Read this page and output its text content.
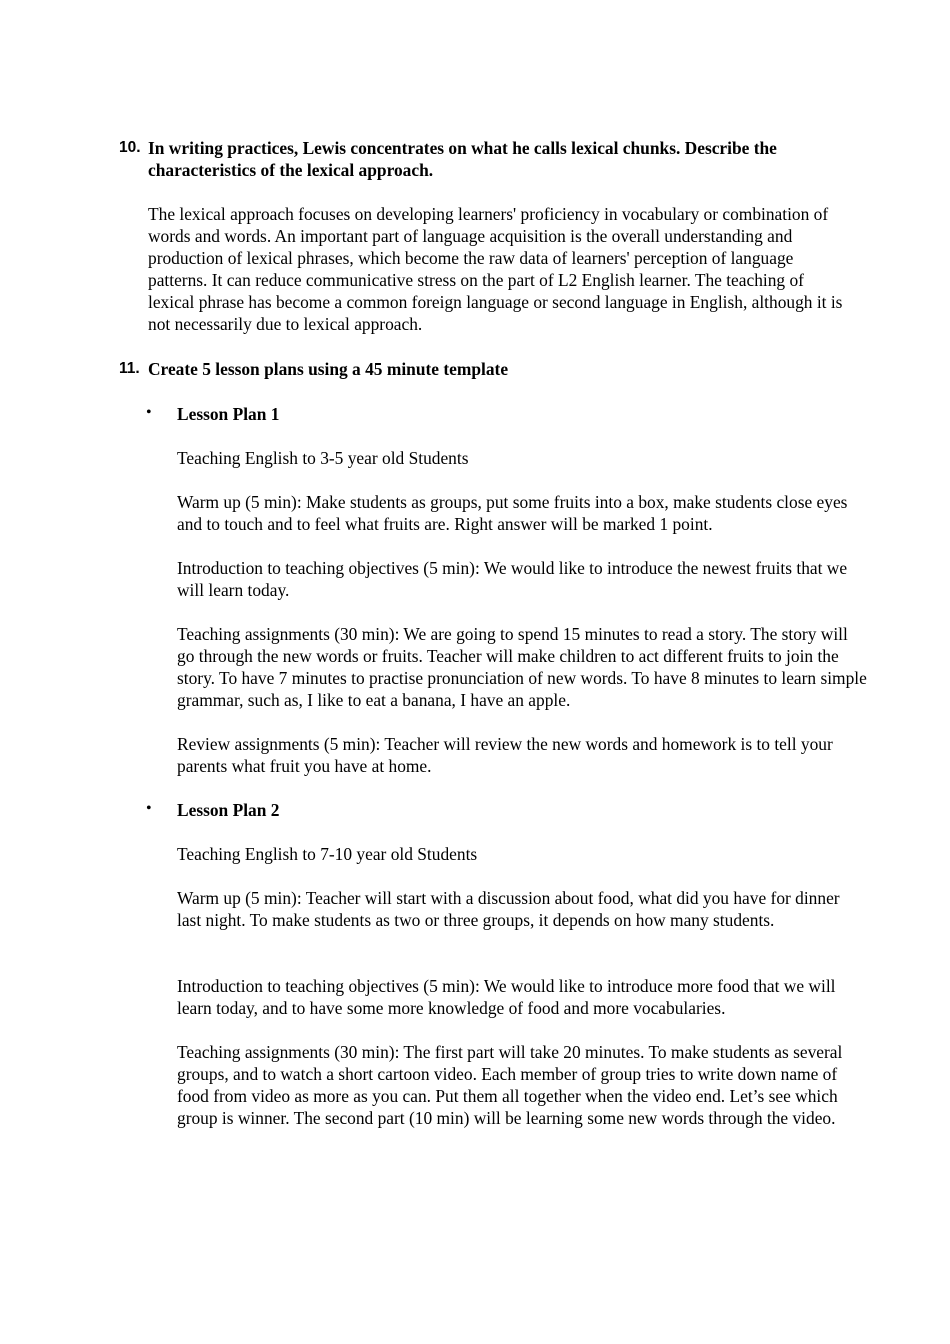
10. In writing practices, Lewis concentrates on what he calls lexical chunks. Describe the characteristics of the lexical approach.
The lexical approach focuses on developing learners' proficiency in vocabulary or combination of words and words. An important part of language acquisition is the overall understanding and production of lexical phrases, which become the raw data of learners' perception of language patterns. It can reduce communicative stress on the part of L2 English learner. The teaching of lexical phrase has become a common foreign language or second language in English, although it is not necessarily due to lexical approach.
11. Create 5 lesson plans using a 45 minute template
• Lesson Plan 1
Teaching English to 3-5 year old Students
Warm up (5 min): Make students as groups, put some fruits into a box, make students close eyes and to touch and to feel what fruits are. Right answer will be marked 1 point.
Introduction to teaching objectives (5 min): We would like to introduce the newest fruits that we will learn today.
Teaching assignments (30 min): We are going to spend 15 minutes to read a story. The story will go through the new words or fruits. Teacher will make children to act different fruits to join the story. To have 7 minutes to practise pronunciation of new words. To have 8 minutes to learn simple grammar, such as, I like to eat a banana, I have an apple.
Review assignments (5 min): Teacher will review the new words and homework is to tell your parents what fruit you have at home.
• Lesson Plan 2
Teaching English to 7-10 year old Students
Warm up (5 min): Teacher will start with a discussion about food, what did you have for dinner last night. To make students as two or three groups, it depends on how many students.
Introduction to teaching objectives (5 min): We would like to introduce more food that we will learn today, and to have some more knowledge of food and more vocabularies.
Teaching assignments (30 min): The first part will take 20 minutes. To make students as several groups, and to watch a short cartoon video. Each member of group tries to write down name of food from video as more as you can. Put them all together when the video end. Let’s see which group is winner. The second part (10 min) will be learning some new words through the video.
